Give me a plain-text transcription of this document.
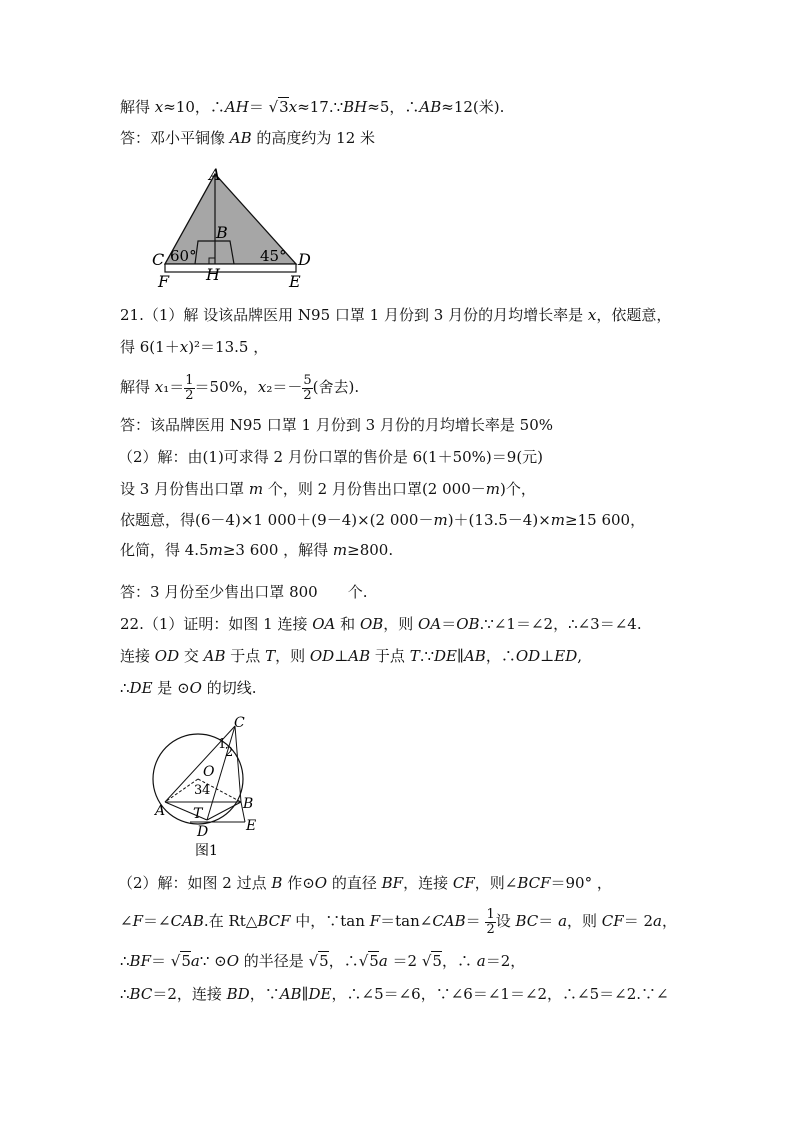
解得 x≈10，∴AH＝ √3x≈17.∵BH≈5，∴AB≈12(米).
答：邓小平铜像 AB 的高度约为 12 米
A
B
C	D
F	E
H
60°	45°
21.（1）解 设该品牌医用 N95 口罩 1 月份到 3 月份的月均增长率是 x，依题意，
得 6(1＋x)²＝13.5 ，
解得 $x_1= \frac{1}{2} =50\%$，$x_2=- \frac{5}{2}$ (舍去).
答：该品牌医用 N95 口罩 1 月份到 3 月份的月均增长率是 50%
（2）解：由(1)可求得 2 月份口罩的售价是 6(1＋50%)＝9(元)
设 3 月份售出口罩 m 个，则 2 月份售出口罩(2 000－m)个，
依题意，得(6－4)×1 000＋(9－4)×(2 000－m)＋(13.5－4)×m≥15 600，
化简，得 4.5m≥3 600 ，解得 m≥800.
答：3 月份至少售出口罩 800　　个.
22.（1）证明：如图 1 连接 OA 和 OB，则 OA＝OB.∵∠1＝∠2，∴∠3＝∠4.
连接 OD 交 AB 于点 T，则 OD⊥AB 于点 T.∵DE∥AB，∴OD⊥ED,
∴DE 是 ⊙O 的切线.
C
A	B
D	E
O
T
1
2
3 4
图1
（2）解：如图 2 过点 B 作⊙O 的直径 BF，连接 CF，则∠BCF＝90° ，
∠F＝∠CAB.在 Rt△BCF 中，∵tan F＝tan∠CAB＝ $\frac{1}{2}$ 设 BC＝ a，则 CF＝ 2a，
∴BF＝ √5a∵ ⊙O 的半径是 √5，∴√5a ＝2 √5，∴ a＝2，
∴BC＝2，连接 BD，∵AB∥DE，∴∠5＝∠6，∵∠6＝∠1＝∠2，∴∠5＝∠2.∵∠
